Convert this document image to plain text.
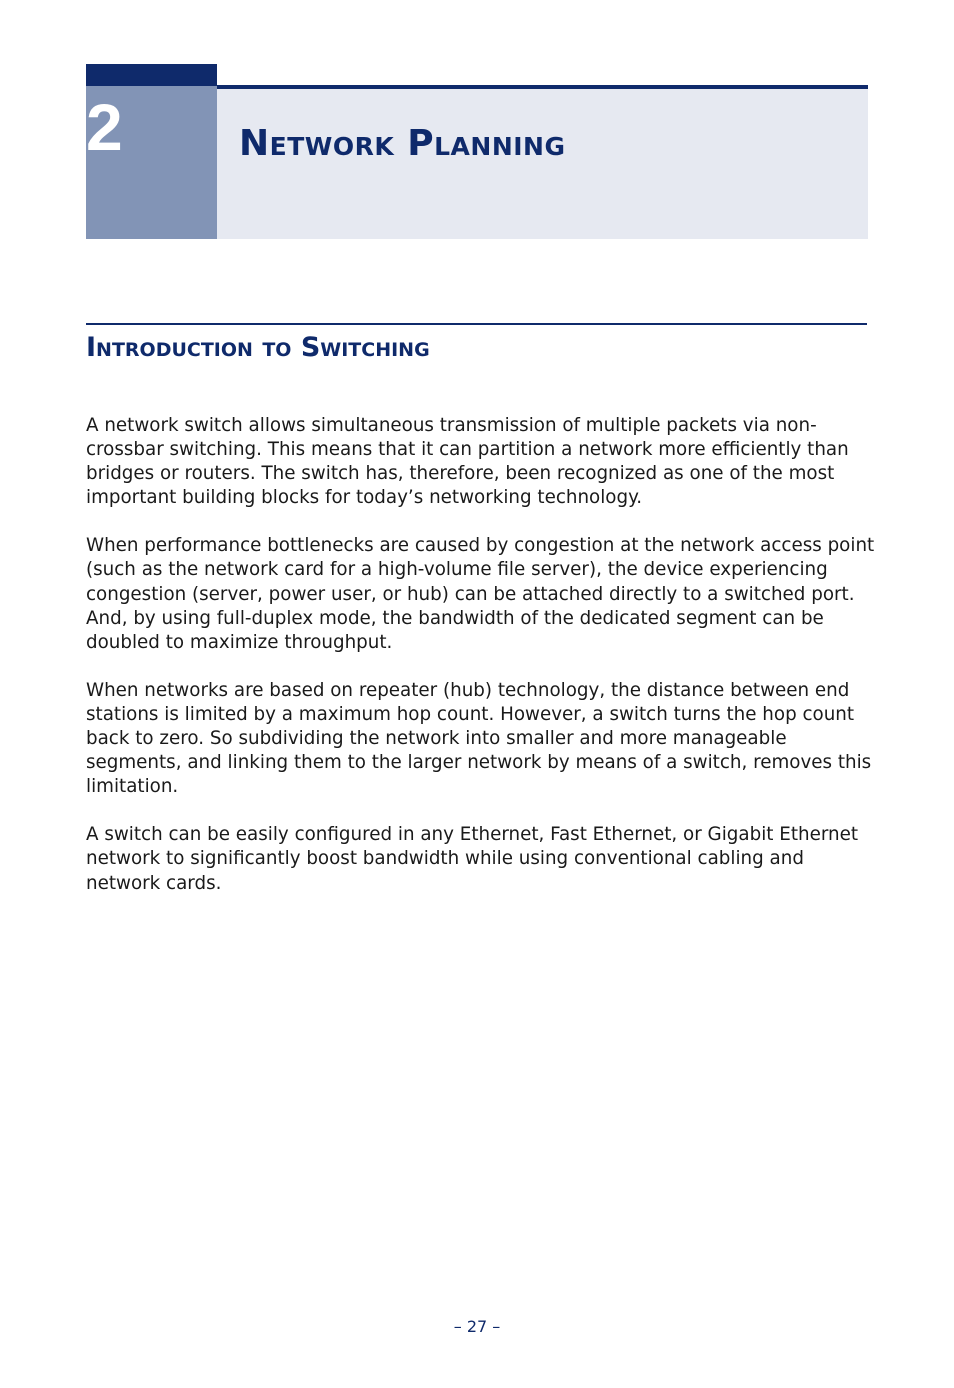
2	Network Planning
Introduction to Switching

A network switch allows simultaneous transmission of multiple packets via non-crossbar switching. This means that it can partition a network more efficiently than bridges or routers. The switch has, therefore, been recognized as one of the most important building blocks for today’s networking technology.

When performance bottlenecks are caused by congestion at the network access point (such as the network card for a high-volume file server), the device experiencing congestion (server, power user, or hub) can be attached directly to a switched port. And, by using full-duplex mode, the bandwidth of the dedicated segment can be doubled to maximize throughput.

When networks are based on repeater (hub) technology, the distance between end stations is limited by a maximum hop count. However, a switch turns the hop count back to zero. So subdividing the network into smaller and more manageable segments, and linking them to the larger network by means of a switch, removes this limitation.

A switch can be easily configured in any Ethernet, Fast Ethernet, or Gigabit Ethernet network to significantly boost bandwidth while using conventional cabling and network cards.

– 27 –
